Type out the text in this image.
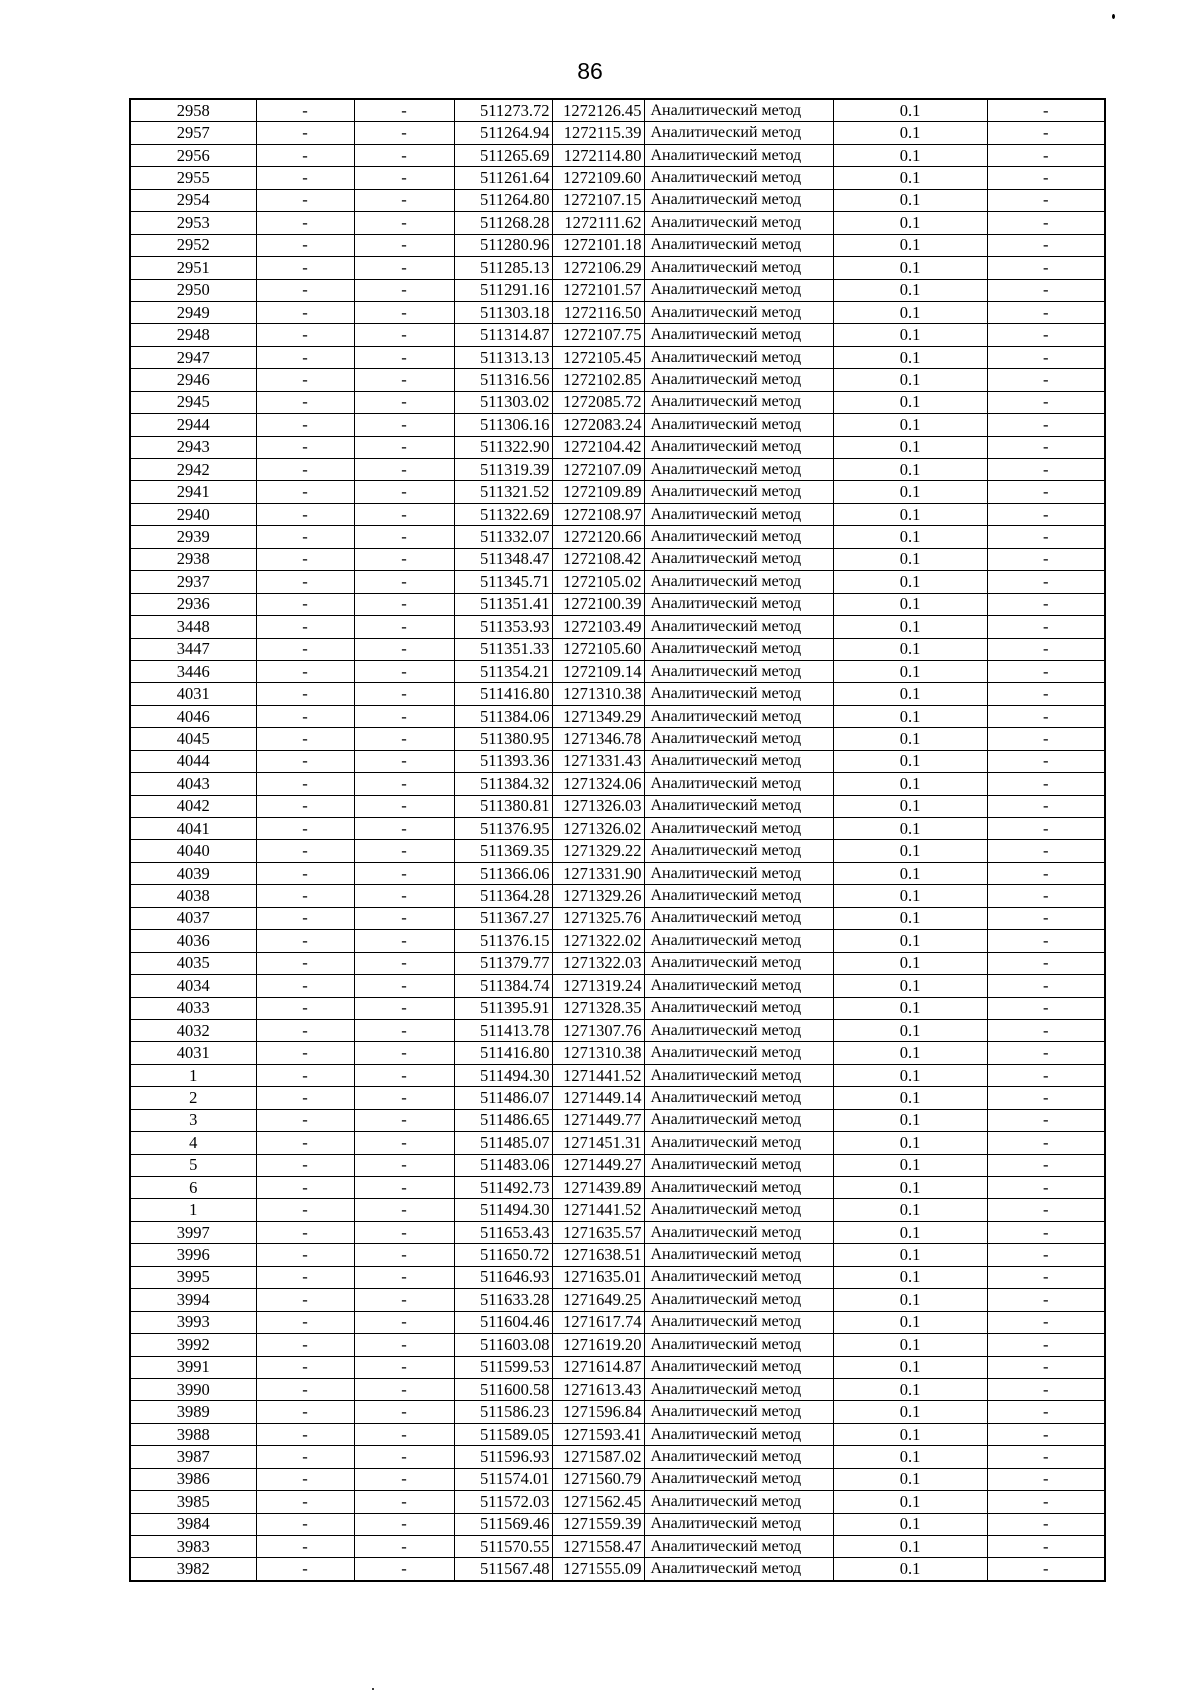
86
2958	-	-	511273.72	1272126.45	Аналитический метод	0.1	-
2957	-	-	511264.94	1272115.39	Аналитический метод	0.1	-
2956	-	-	511265.69	1272114.80	Аналитический метод	0.1	-
2955	-	-	511261.64	1272109.60	Аналитический метод	0.1	-
2954	-	-	511264.80	1272107.15	Аналитический метод	0.1	-
2953	-	-	511268.28	1272111.62	Аналитический метод	0.1	-
2952	-	-	511280.96	1272101.18	Аналитический метод	0.1	-
2951	-	-	511285.13	1272106.29	Аналитический метод	0.1	-
2950	-	-	511291.16	1272101.57	Аналитический метод	0.1	-
2949	-	-	511303.18	1272116.50	Аналитический метод	0.1	-
2948	-	-	511314.87	1272107.75	Аналитический метод	0.1	-
2947	-	-	511313.13	1272105.45	Аналитический метод	0.1	-
2946	-	-	511316.56	1272102.85	Аналитический метод	0.1	-
2945	-	-	511303.02	1272085.72	Аналитический метод	0.1	-
2944	-	-	511306.16	1272083.24	Аналитический метод	0.1	-
2943	-	-	511322.90	1272104.42	Аналитический метод	0.1	-
2942	-	-	511319.39	1272107.09	Аналитический метод	0.1	-
2941	-	-	511321.52	1272109.89	Аналитический метод	0.1	-
2940	-	-	511322.69	1272108.97	Аналитический метод	0.1	-
2939	-	-	511332.07	1272120.66	Аналитический метод	0.1	-
2938	-	-	511348.47	1272108.42	Аналитический метод	0.1	-
2937	-	-	511345.71	1272105.02	Аналитический метод	0.1	-
2936	-	-	511351.41	1272100.39	Аналитический метод	0.1	-
3448	-	-	511353.93	1272103.49	Аналитический метод	0.1	-
3447	-	-	511351.33	1272105.60	Аналитический метод	0.1	-
3446	-	-	511354.21	1272109.14	Аналитический метод	0.1	-
4031	-	-	511416.80	1271310.38	Аналитический метод	0.1	-
4046	-	-	511384.06	1271349.29	Аналитический метод	0.1	-
4045	-	-	511380.95	1271346.78	Аналитический метод	0.1	-
4044	-	-	511393.36	1271331.43	Аналитический метод	0.1	-
4043	-	-	511384.32	1271324.06	Аналитический метод	0.1	-
4042	-	-	511380.81	1271326.03	Аналитический метод	0.1	-
4041	-	-	511376.95	1271326.02	Аналитический метод	0.1	-
4040	-	-	511369.35	1271329.22	Аналитический метод	0.1	-
4039	-	-	511366.06	1271331.90	Аналитический метод	0.1	-
4038	-	-	511364.28	1271329.26	Аналитический метод	0.1	-
4037	-	-	511367.27	1271325.76	Аналитический метод	0.1	-
4036	-	-	511376.15	1271322.02	Аналитический метод	0.1	-
4035	-	-	511379.77	1271322.03	Аналитический метод	0.1	-
4034	-	-	511384.74	1271319.24	Аналитический метод	0.1	-
4033	-	-	511395.91	1271328.35	Аналитический метод	0.1	-
4032	-	-	511413.78	1271307.76	Аналитический метод	0.1	-
4031	-	-	511416.80	1271310.38	Аналитический метод	0.1	-
1	-	-	511494.30	1271441.52	Аналитический метод	0.1	-
2	-	-	511486.07	1271449.14	Аналитический метод	0.1	-
3	-	-	511486.65	1271449.77	Аналитический метод	0.1	-
4	-	-	511485.07	1271451.31	Аналитический метод	0.1	-
5	-	-	511483.06	1271449.27	Аналитический метод	0.1	-
6	-	-	511492.73	1271439.89	Аналитический метод	0.1	-
1	-	-	511494.30	1271441.52	Аналитический метод	0.1	-
3997	-	-	511653.43	1271635.57	Аналитический метод	0.1	-
3996	-	-	511650.72	1271638.51	Аналитический метод	0.1	-
3995	-	-	511646.93	1271635.01	Аналитический метод	0.1	-
3994	-	-	511633.28	1271649.25	Аналитический метод	0.1	-
3993	-	-	511604.46	1271617.74	Аналитический метод	0.1	-
3992	-	-	511603.08	1271619.20	Аналитический метод	0.1	-
3991	-	-	511599.53	1271614.87	Аналитический метод	0.1	-
3990	-	-	511600.58	1271613.43	Аналитический метод	0.1	-
3989	-	-	511586.23	1271596.84	Аналитический метод	0.1	-
3988	-	-	511589.05	1271593.41	Аналитический метод	0.1	-
3987	-	-	511596.93	1271587.02	Аналитический метод	0.1	-
3986	-	-	511574.01	1271560.79	Аналитический метод	0.1	-
3985	-	-	511572.03	1271562.45	Аналитический метод	0.1	-
3984	-	-	511569.46	1271559.39	Аналитический метод	0.1	-
3983	-	-	511570.55	1271558.47	Аналитический метод	0.1	-
3982	-	-	511567.48	1271555.09	Аналитический метод	0.1	-
